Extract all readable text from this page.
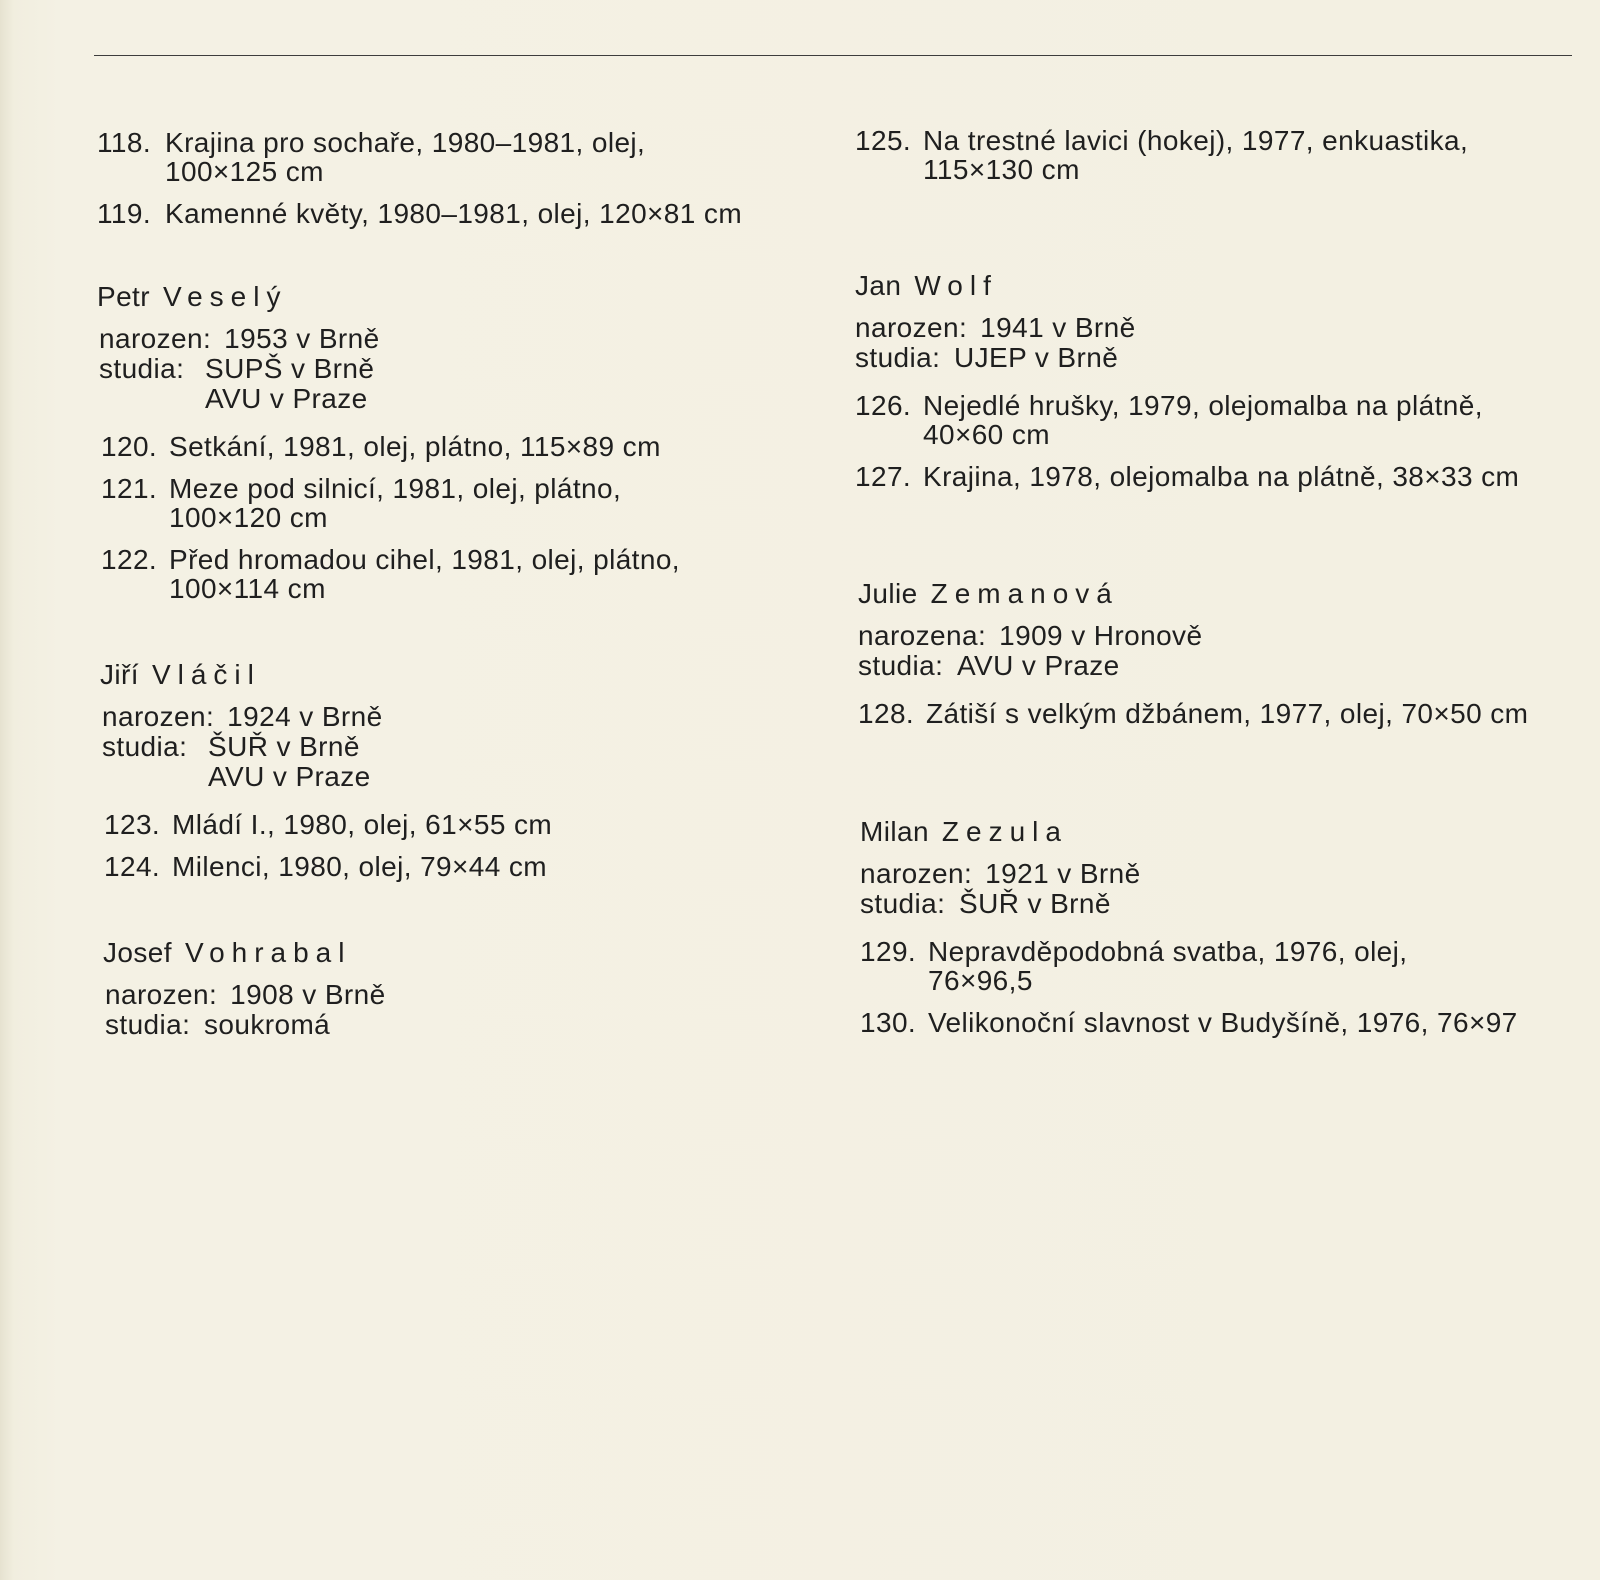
118. Krajina pro sochaře, 1980–1981, olej,
100×125 cm
119. Kamenné květy, 1980–1981, olej, 120×81 cm
Petr Veselý
narozen: 1953 v Brně
studia: SUPŠ v Brně
AVU v Praze
120. Setkání, 1981, olej, plátno, 115×89 cm
121. Meze pod silnicí, 1981, olej, plátno,
100×120 cm
122. Před hromadou cihel, 1981, olej, plátno,
100×114 cm
Jiří Vláčil
narozen: 1924 v Brně
studia: ŠUŘ v Brně
AVU v Praze
123. Mládí I., 1980, olej, 61×55 cm
124. Milenci, 1980, olej, 79×44 cm
Josef Vohrabal
narozen: 1908 v Brně
studia: soukromá
125. Na trestné lavici (hokej), 1977, enkuastika,
115×130 cm
Jan Wolf
narozen: 1941 v Brně
studia: UJEP v Brně
126. Nejedlé hrušky, 1979, olejomalba na plátně,
40×60 cm
127. Krajina, 1978, olejomalba na plátně, 38×33 cm
Julie Zemanová
narozena: 1909 v Hronově
studia: AVU v Praze
128. Zátiší s velkým džbánem, 1977, olej, 70×50 cm
Milan Zezula
narozen: 1921 v Brně
studia: ŠUŘ v Brně
129. Nepravděpodobná svatba, 1976, olej,
76×96,5
130. Velikonoční slavnost v Budyšíně, 1976, 76×97
